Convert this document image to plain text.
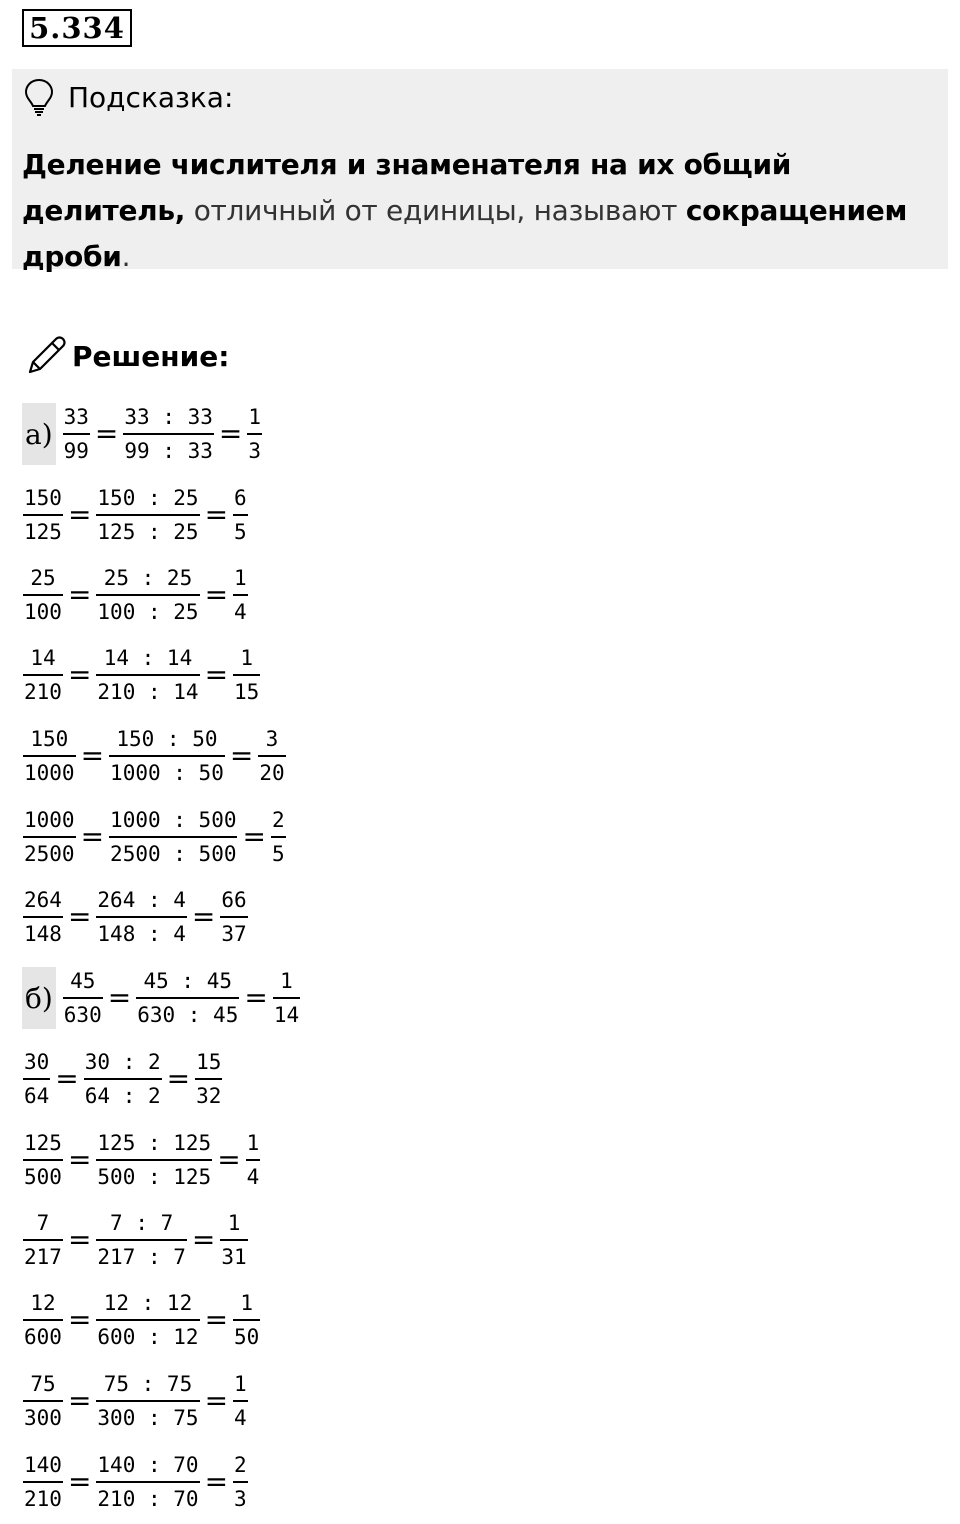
5.334
Подсказка:
Деление числителя и знаменателя на их общий делитель, отличный от единицы, называют сокращением дроби.
Решение:
$а) \frac{33}{99} = \frac{33 : 33}{99 : 33} = \frac{1}{3}$
$\frac{150}{125} = \frac{150 : 25}{125 : 25} = \frac{6}{5}$
$\frac{25}{100} = \frac{25 : 25}{100 : 25} = \frac{1}{4}$
$\frac{14}{210} = \frac{14 : 14}{210 : 14} = \frac{1}{15}$
$\frac{150}{1000} = \frac{150 : 50}{1000 : 50} = \frac{3}{20}$
$\frac{1000}{2500} = \frac{1000 : 500}{2500 : 500} = \frac{2}{5}$
$\frac{264}{148} = \frac{264 : 4}{148 : 4} = \frac{66}{37}$
$б) \frac{45}{630} = \frac{45 : 45}{630 : 45} = \frac{1}{14}$
$\frac{30}{64} = \frac{30 : 2}{64 : 2} = \frac{15}{32}$
$\frac{125}{500} = \frac{125 : 125}{500 : 125} = \frac{1}{4}$
$\frac{7}{217} = \frac{7 : 7}{217 : 7} = \frac{1}{31}$
$\frac{12}{600} = \frac{12 : 12}{600 : 12} = \frac{1}{50}$
$\frac{75}{300} = \frac{75 : 75}{300 : 75} = \frac{1}{4}$
$\frac{140}{210} = \frac{140 : 70}{210 : 70} = \frac{2}{3}$
